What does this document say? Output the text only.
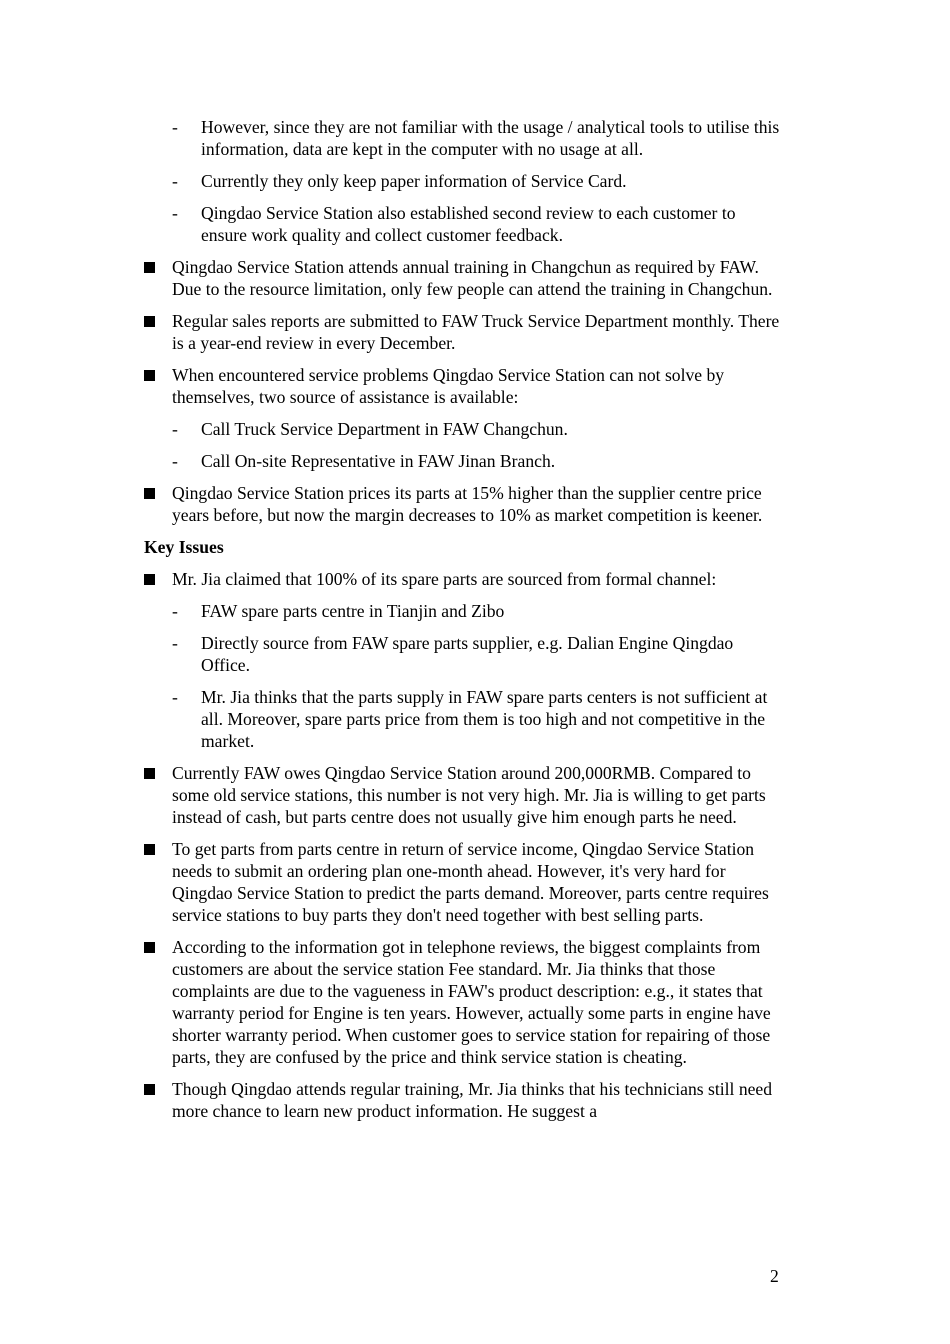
- However, since they are not familiar with the usage / analytical tools to utilise this information, data are kept in the computer with no usage at all.
- Currently they only keep paper information of Service Card.
- Qingdao Service Station also established second review to each customer to ensure work quality and collect customer feedback.
Qingdao Service Station attends annual training in Changchun as required by FAW. Due to the resource limitation, only few people can attend the training in Changchun.
Regular sales reports are submitted to FAW Truck Service Department monthly. There is a year-end review in every December.
When encountered service problems Qingdao Service Station can not solve by themselves, two source of assistance is available:
- Call Truck Service Department in FAW Changchun.
- Call On-site Representative in FAW Jinan Branch.
Qingdao Service Station prices its parts at 15% higher than the supplier centre price years before, but now the margin decreases to 10% as market competition is keener.
Key Issues
Mr. Jia claimed that 100% of its spare parts are sourced from formal channel:
- FAW spare parts centre in Tianjin and Zibo
- Directly source from FAW spare parts supplier, e.g. Dalian Engine Qingdao Office.
- Mr. Jia thinks that the parts supply in FAW spare parts centers is not sufficient at all. Moreover, spare parts price from them is too high and not competitive in the market.
Currently FAW owes Qingdao Service Station around 200,000RMB. Compared to some old service stations, this number is not very high. Mr. Jia is willing to get parts instead of cash, but parts centre does not usually give him enough parts he need.
To get parts from parts centre in return of service income, Qingdao Service Station needs to submit an ordering plan one-month ahead. However, it's very hard for Qingdao Service Station to predict the parts demand. Moreover, parts centre requires service stations to buy parts they don't need together with best selling parts.
According to the information got in telephone reviews, the biggest complaints from customers are about the service station Fee standard. Mr. Jia thinks that those complaints are due to the vagueness in FAW's product description: e.g., it states that warranty period for Engine is ten years. However, actually some parts in engine have shorter warranty period. When customer goes to service station for repairing of those parts, they are confused by the price and think service station is cheating.
Though Qingdao attends regular training, Mr. Jia thinks that his technicians still need more chance to learn new product information. He suggest a
2
